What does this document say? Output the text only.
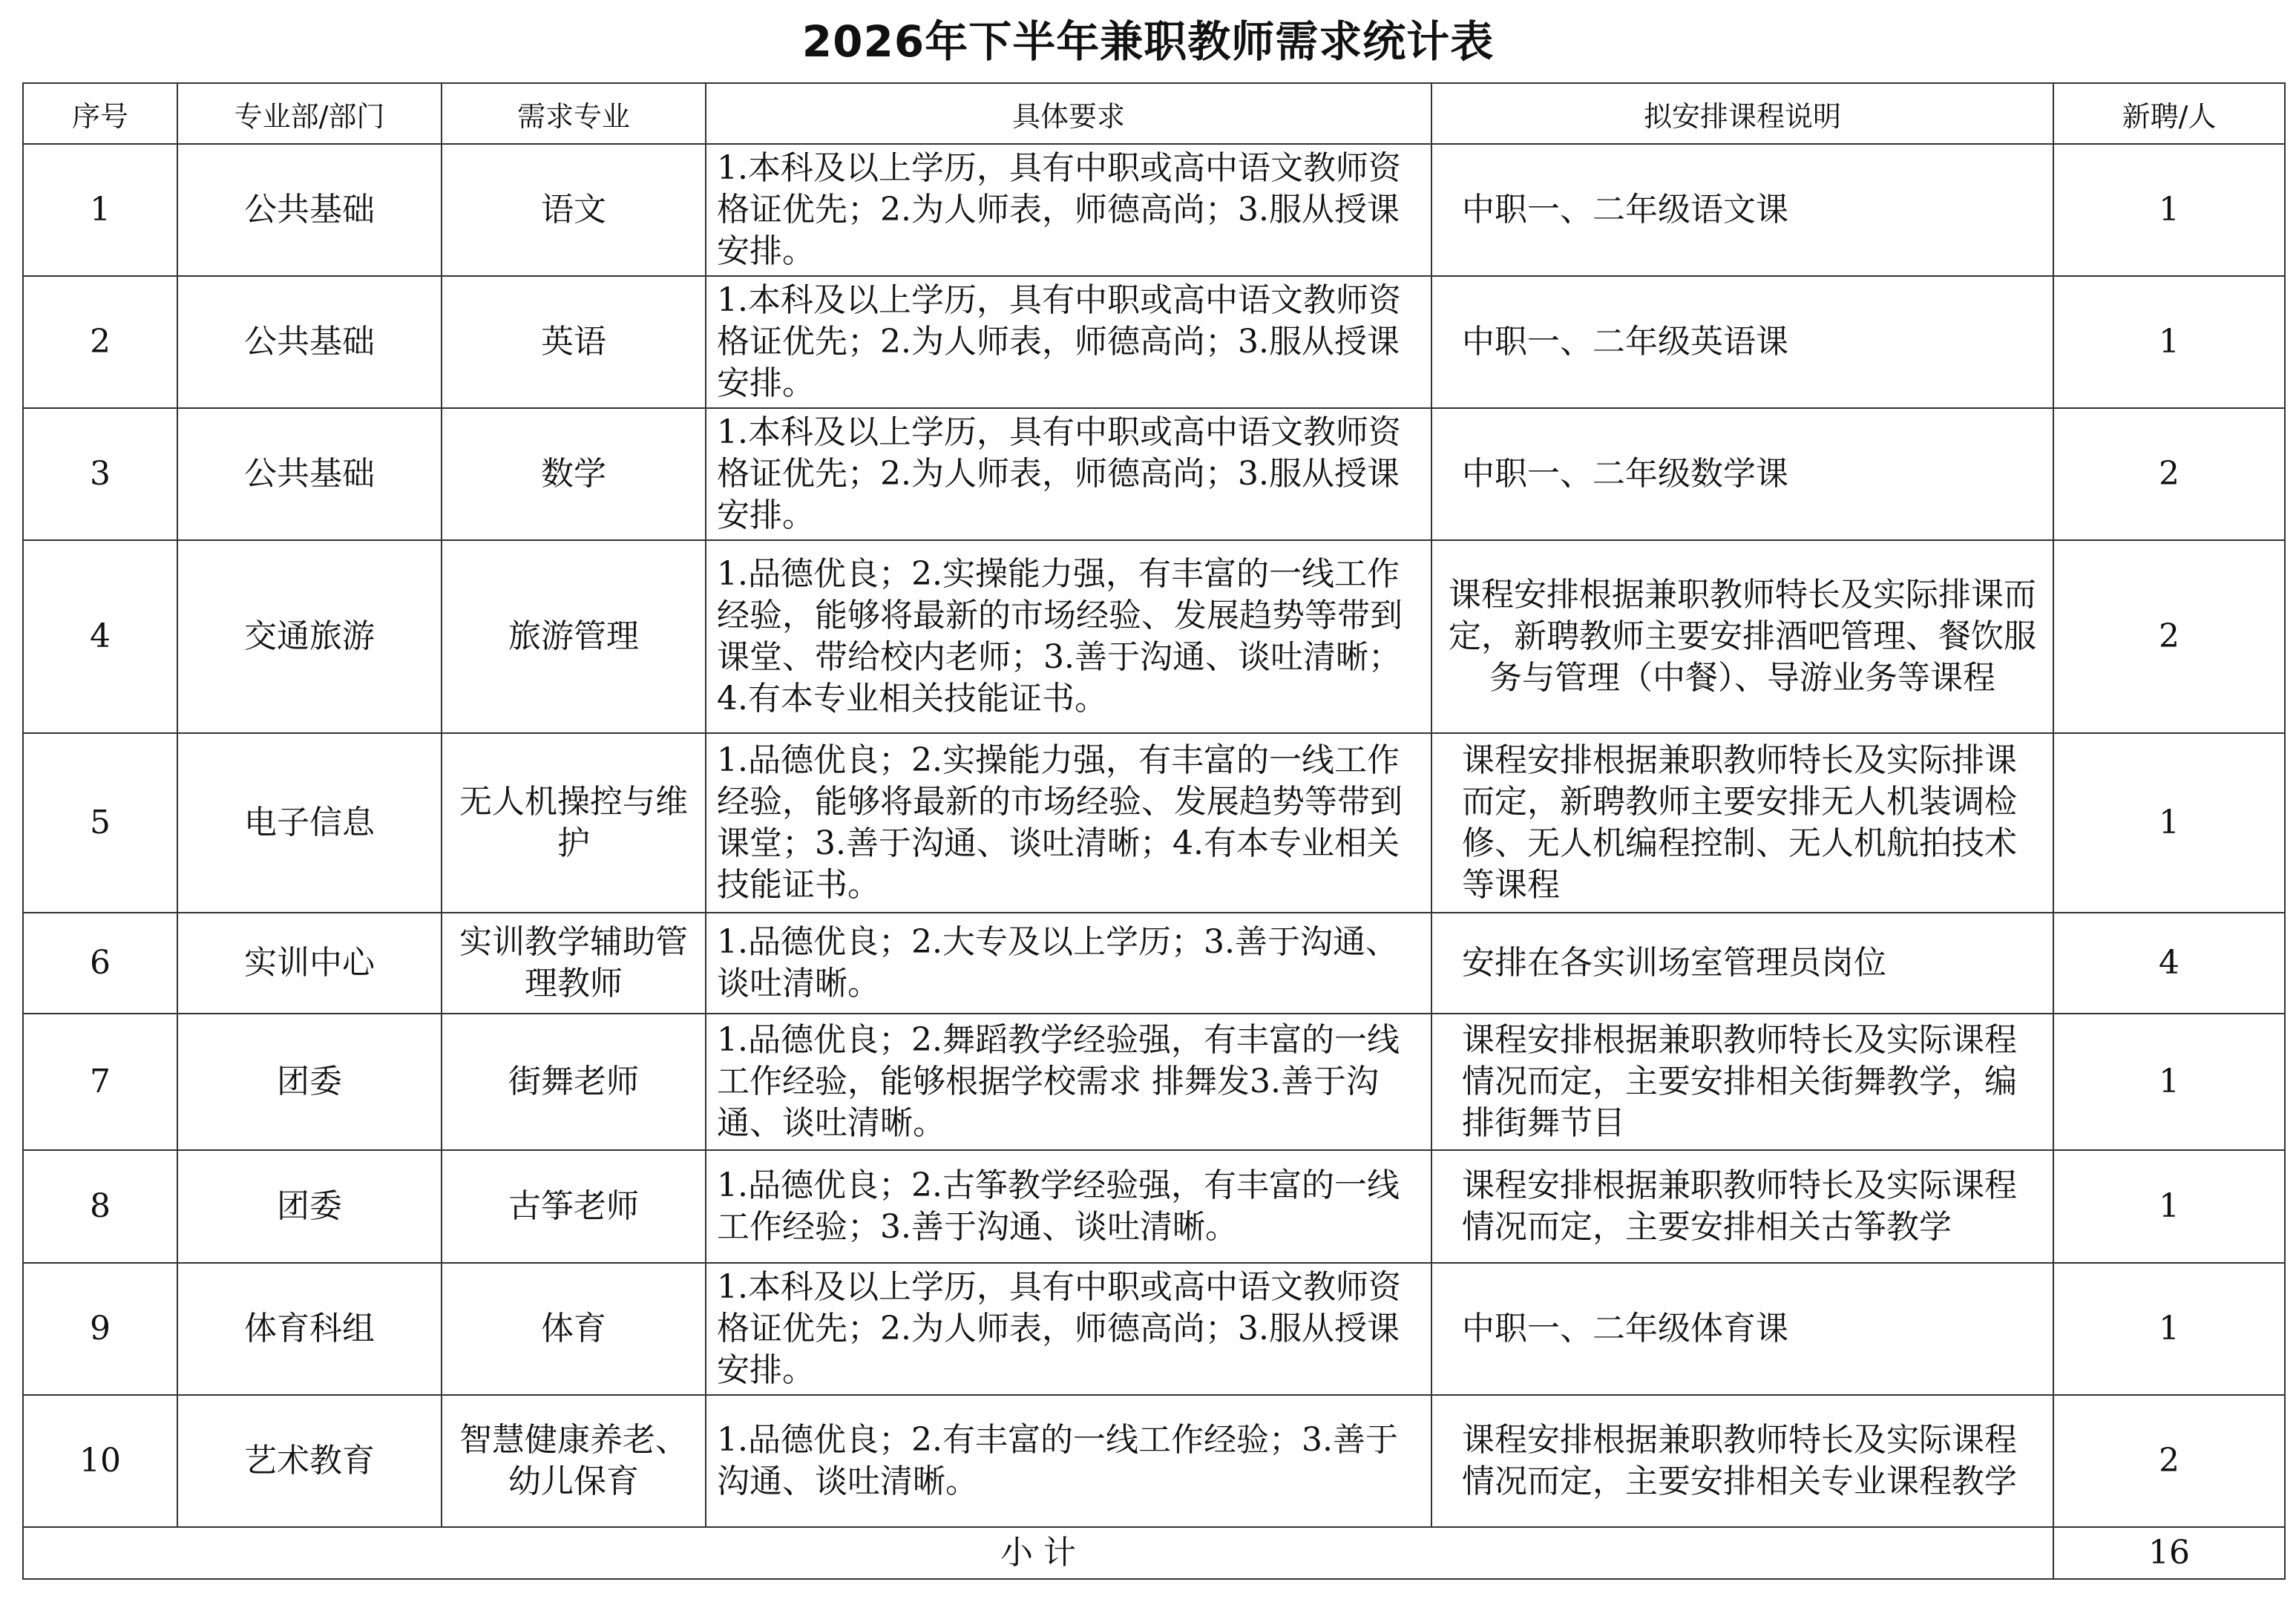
2026年下半年兼职教师需求统计表
序号	专业部/部门	需求专业	具体要求	拟安排课程说明	新聘/人
1	公共基础	语文	1.本科及以上学历，具有中职或高中语文教师资格证优先；2.为人师表，师德高尚；3.服从授课安排。	中职一、二年级语文课	1
2	公共基础	英语	1.本科及以上学历，具有中职或高中语文教师资格证优先；2.为人师表，师德高尚；3.服从授课安排。	中职一、二年级英语课	1
3	公共基础	数学	1.本科及以上学历，具有中职或高中语文教师资格证优先；2.为人师表，师德高尚；3.服从授课安排。	中职一、二年级数学课	2
4	交通旅游	旅游管理	1.品德优良；2.实操能力强，有丰富的一线工作经验，能够将最新的市场经验、发展趋势等带到课堂、带给校内老师；3.善于沟通、谈吐清晰；4.有本专业相关技能证书。	课程安排根据兼职教师特长及实际排课而定，新聘教师主要安排酒吧管理、餐饮服务与管理（中餐）、导游业务等课程	2
5	电子信息	无人机操控与维护	1.品德优良；2.实操能力强，有丰富的一线工作经验，能够将最新的市场经验、发展趋势等带到课堂；3.善于沟通、谈吐清晰；4.有本专业相关技能证书。	课程安排根据兼职教师特长及实际排课而定，新聘教师主要安排无人机装调检修、无人机编程控制、无人机航拍技术等课程	1
6	实训中心	实训教学辅助管理教师	1.品德优良；2.大专及以上学历；3.善于沟通、谈吐清晰。	安排在各实训场室管理员岗位	4
7	团委	街舞老师	1.品德优良；2.舞蹈教学经验强，有丰富的一线工作经验，能够根据学校需求 排舞发3.善于沟通、谈吐清晰。	课程安排根据兼职教师特长及实际课程情况而定，主要安排相关街舞教学，编排街舞节目	1
8	团委	古筝老师	1.品德优良；2.古筝教学经验强，有丰富的一线工作经验；3.善于沟通、谈吐清晰。	课程安排根据兼职教师特长及实际课程情况而定，主要安排相关古筝教学	1
9	体育科组	体育	1.本科及以上学历，具有中职或高中语文教师资格证优先；2.为人师表，师德高尚；3.服从授课安排。	中职一、二年级体育课	1
10	艺术教育	智慧健康养老、幼儿保育	1.品德优良；2.有丰富的一线工作经验；3.善于沟通、谈吐清晰。	课程安排根据兼职教师特长及实际课程情况而定，主要安排相关专业课程教学	2
小 计					16
